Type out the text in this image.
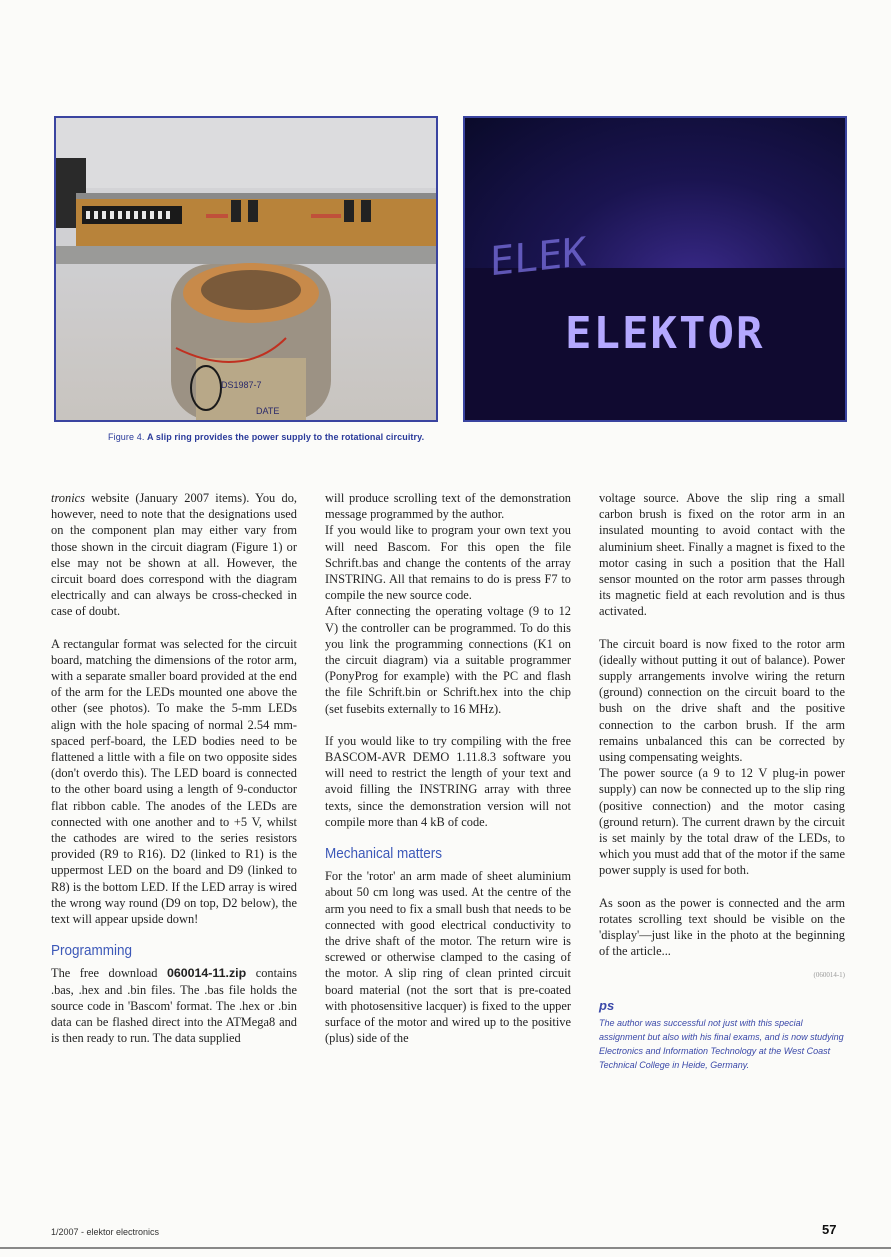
DS1987-7
DATE
ELEK
ELEKTOR
Figure 4. A slip ring provides the power supply to the rotational circuitry.

tronics website (January 2007 items). You do, however, need to note that the designations used on the component plan may either vary from those shown in the circuit diagram (Figure 1) or else may not be shown at all. However, the circuit board does correspond with the diagram electrically and can always be cross-checked in case of doubt.

A rectangular format was selected for the circuit board, matching the dimensions of the rotor arm, with a separate smaller board provided at the end of the arm for the LEDs mounted one above the other (see photos). To make the 5-mm LEDs align with the hole spacing of normal 2.54 mm-spaced perf-board, the LED bodies need to be flattened a little with a file on two opposite sides (don't overdo this). The LED board is connected to the other board using a length of 9-conductor flat ribbon cable. The anodes of the LEDs are connected with one another and to +5 V, whilst the cathodes are wired to the series resistors provided (R9 to R16). D2 (linked to R1) is the uppermost LED on the board and D9 (linked to R8) is the bottom LED. If the LED array is wired the wrong way round (D9 on top, D2 below), the text will appear upside down!

Programming

The free download 060014-11.zip contains .bas, .hex and .bin files. The .bas file holds the source code in 'Bascom' format. The .hex or .bin data can be flashed direct into the ATMega8 and is then ready to run. The data supplied

will produce scrolling text of the demonstration message programmed by the author.

If you would like to program your own text you will need Bascom. For this open the file Schrift.bas and change the contents of the array INSTRING. All that remains to do is press F7 to compile the new source code.

After connecting the operating voltage (9 to 12 V) the controller can be programmed. To do this you link the programming connections (K1 on the circuit diagram) via a suitable programmer (PonyProg for example) with the PC and flash the file Schrift.bin or Schrift.hex into the chip (set fusebits externally to 16 MHz).

If you would like to try compiling with the free BASCOM-AVR DEMO 1.11.8.3 software you will need to restrict the length of your text and avoid filling the INSTRING array with three texts, since the demonstration version will not compile more than 4 kB of code.

Mechanical matters

For the 'rotor' an arm made of sheet aluminium about 50 cm long was used. At the centre of the arm you need to fix a small bush that needs to be connected with good electrical conductivity to the drive shaft of the motor. The return wire is screwed or otherwise clamped to the casing of the motor. A slip ring of clean printed circuit board material (not the sort that is pre-coated with photosensitive lacquer) is fixed to the upper surface of the motor and wired up to the positive (plus) side of the

voltage source. Above the slip ring a small carbon brush is fixed on the rotor arm in an insulated mounting to avoid contact with the aluminium sheet. Finally a magnet is fixed to the motor casing in such a position that the Hall sensor mounted on the rotor arm passes through its magnetic field at each revolution and is thus activated.

The circuit board is now fixed to the rotor arm (ideally without putting it out of balance). Power supply arrangements involve wiring the return (ground) connection on the circuit board to the bush on the drive shaft and the positive connection to the carbon brush. If the arm remains unbalanced this can be corrected by using compensating weights.

The power source (a 9 to 12 V plug-in power supply) can now be connected up to the slip ring (positive connection) and the motor casing (ground return). The current drawn by the circuit is set mainly by the total draw of the LEDs, to which you must add that of the motor if the same power supply is used for both.

As soon as the power is connected and the arm rotates scrolling text should be visible on the 'display'—just like in the photo at the beginning of the article...

(060014-1)
ps
The author was successful not just with this special assignment but also with his final exams, and is now studying Electronics and Information Technology at the West Coast Technical College in Heide, Germany.
1/2007 - elektor electronics	57
